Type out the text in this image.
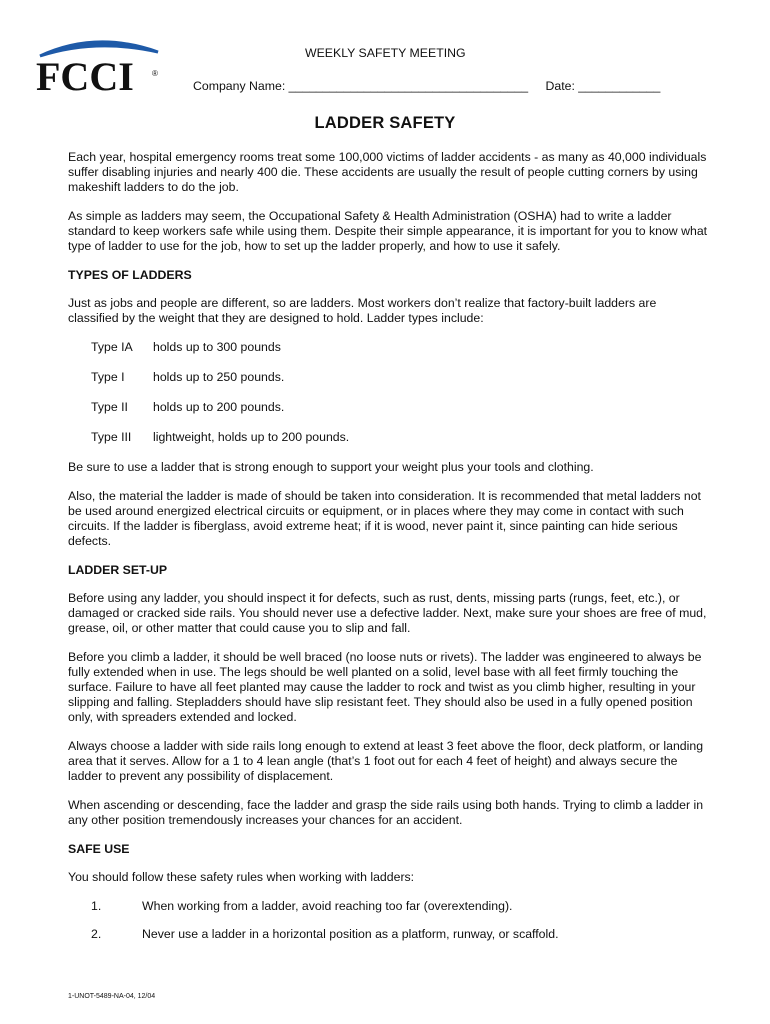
FCCI ®
WEEKLY SAFETY MEETING
Company Name: ___________________________________ Date: ____________
LADDER SAFETY

Each year, hospital emergency rooms treat some 100,000 victims of ladder accidents - as many as 40,000 individuals suffer disabling injuries and nearly 400 die. These accidents are usually the result of people cutting corners by using makeshift ladders to do the job.

As simple as ladders may seem, the Occupational Safety & Health Administration (OSHA) had to write a ladder standard to keep workers safe while using them. Despite their simple appearance, it is important for you to know what type of ladder to use for the job, how to set up the ladder properly, and how to use it safely.

TYPES OF LADDERS

Just as jobs and people are different, so are ladders. Most workers don’t realize that factory-built ladders are classified by the weight that they are designed to hold. Ladder types include:

Type IA	holds up to 300 pounds
Type I	holds up to 250 pounds.
Type II	holds up to 200 pounds.
Type III	lightweight, holds up to 200 pounds.

Be sure to use a ladder that is strong enough to support your weight plus your tools and clothing.

Also, the material the ladder is made of should be taken into consideration. It is recommended that metal ladders not be used around energized electrical circuits or equipment, or in places where they may come in contact with such circuits. If the ladder is fiberglass, avoid extreme heat; if it is wood, never paint it, since painting can hide serious defects.

LADDER SET-UP

Before using any ladder, you should inspect it for defects, such as rust, dents, missing parts (rungs, feet, etc.), or damaged or cracked side rails. You should never use a defective ladder. Next, make sure your shoes are free of mud, grease, oil, or other matter that could cause you to slip and fall.

Before you climb a ladder, it should be well braced (no loose nuts or rivets). The ladder was engineered to always be fully extended when in use. The legs should be well planted on a solid, level base with all feet firmly touching the surface. Failure to have all feet planted may cause the ladder to rock and twist as you climb higher, resulting in your slipping and falling. Stepladders should have slip resistant feet. They should also be used in a fully opened position only, with spreaders extended and locked.

Always choose a ladder with side rails long enough to extend at least 3 feet above the floor, deck platform, or landing area that it serves. Allow for a 1 to 4 lean angle (that’s 1 foot out for each 4 feet of height) and always secure the ladder to prevent any possibility of displacement.

When ascending or descending, face the ladder and grasp the side rails using both hands. Trying to climb a ladder in any other position tremendously increases your chances for an accident.

SAFE USE

You should follow these safety rules when working with ladders:

1.	When working from a ladder, avoid reaching too far (overextending).
2.	Never use a ladder in a horizontal position as a platform, runway, or scaffold.
1-UNOT-5489-NA-04, 12/04
